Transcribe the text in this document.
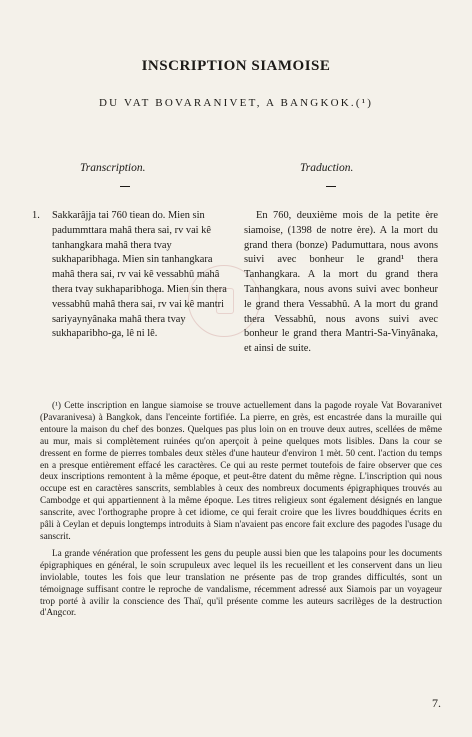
INSCRIPTION SIAMOISE
DU VAT BOVARANIVET, A BANGKOK.(¹)
Transcription.	Traduction.
1. Sakkarâjja tai 760 tiean do. Mien sin padummttara mahâ thera sai, rv vai kê tanhangkara mahâ thera tvay sukhaparibhaga. Mien sin tanhangkara mahâ thera sai, rv vai kê vessabhû mahâ thera tvay sukhaparibhoga. Mien sin thera vessabhû mahâ thera sai, rv vai kê mantri sariyaynyânaka mahâ thera tvay sukhaparibho-ga, lê ni lê.
En 760, deuxième mois de la petite ère siamoise, (1398 de notre ère). A la mort du grand thera (bonze) Padumuttara, nous avons suivi avec bonheur le grand¹ thera Tanhangkara. A la mort du grand thera Tanhangkara, nous avons suivi avec bonheur le grand thera Vessabhû. A la mort du grand thera Vessabhû, nous avons suivi avec bonheur le grand thera Mantri-Sa-Vinyânaka, et ainsi de suite.

(¹) Cette inscription en langue siamoise se trouve actuellement dans la pagode royale Vat Bovaranivet (Pavaranivesa) à Bangkok, dans l'enceinte fortifiée. La pierre, en grès, est encastrée dans la muraille qui entoure la maison du chef des bonzes. Quelques pas plus loin on en trouve deux autres, scellées de même au mur, mais si complètement ruinées qu'on aperçoit à peine quelques mots lisibles. Dans la cour se dressent en forme de pierres tombales deux stèles d'une hauteur d'environ 1 mèt. 50 cent. l'action du temps en a presque entièrement effacé les caractères. Ce qui au reste permet toutefois de faire observer que ces deux inscriptions remontent à la même époque, et peut-être datent du même règne. L'inscription qui nous occupe est en caractères sanscrits, semblables à ceux des nombreux documents épigraphiques trouvés au Cambodge et qui appartiennent à la même époque. Les titres religieux sont également désignés en langue sanscrite, avec l'orthographe propre à cet idiome, ce qui ferait croire que les livres bouddhiques écrits en pâli à Ceylan et depuis longtemps introduits à Siam n'avaient pas encore fait exclure des pagodes l'usage du sanscrit.

La grande vénération que professent les gens du peuple aussi bien que les talapoins pour les documents épigraphiques en général, le soin scrupuleux avec lequel ils les recueillent et les conservent dans un lieu inviolable, toutes les fois que leur translation ne présente pas de trop grandes difficultés, sont un témoignage suffisant contre le reproche de vandalisme, récemment adressé aux Siamois par un voyageur trop porté à avilir la conscience des Thaï, qu'il présente comme les auteurs sacrilèges de la destruction d'Angcor.

7.
